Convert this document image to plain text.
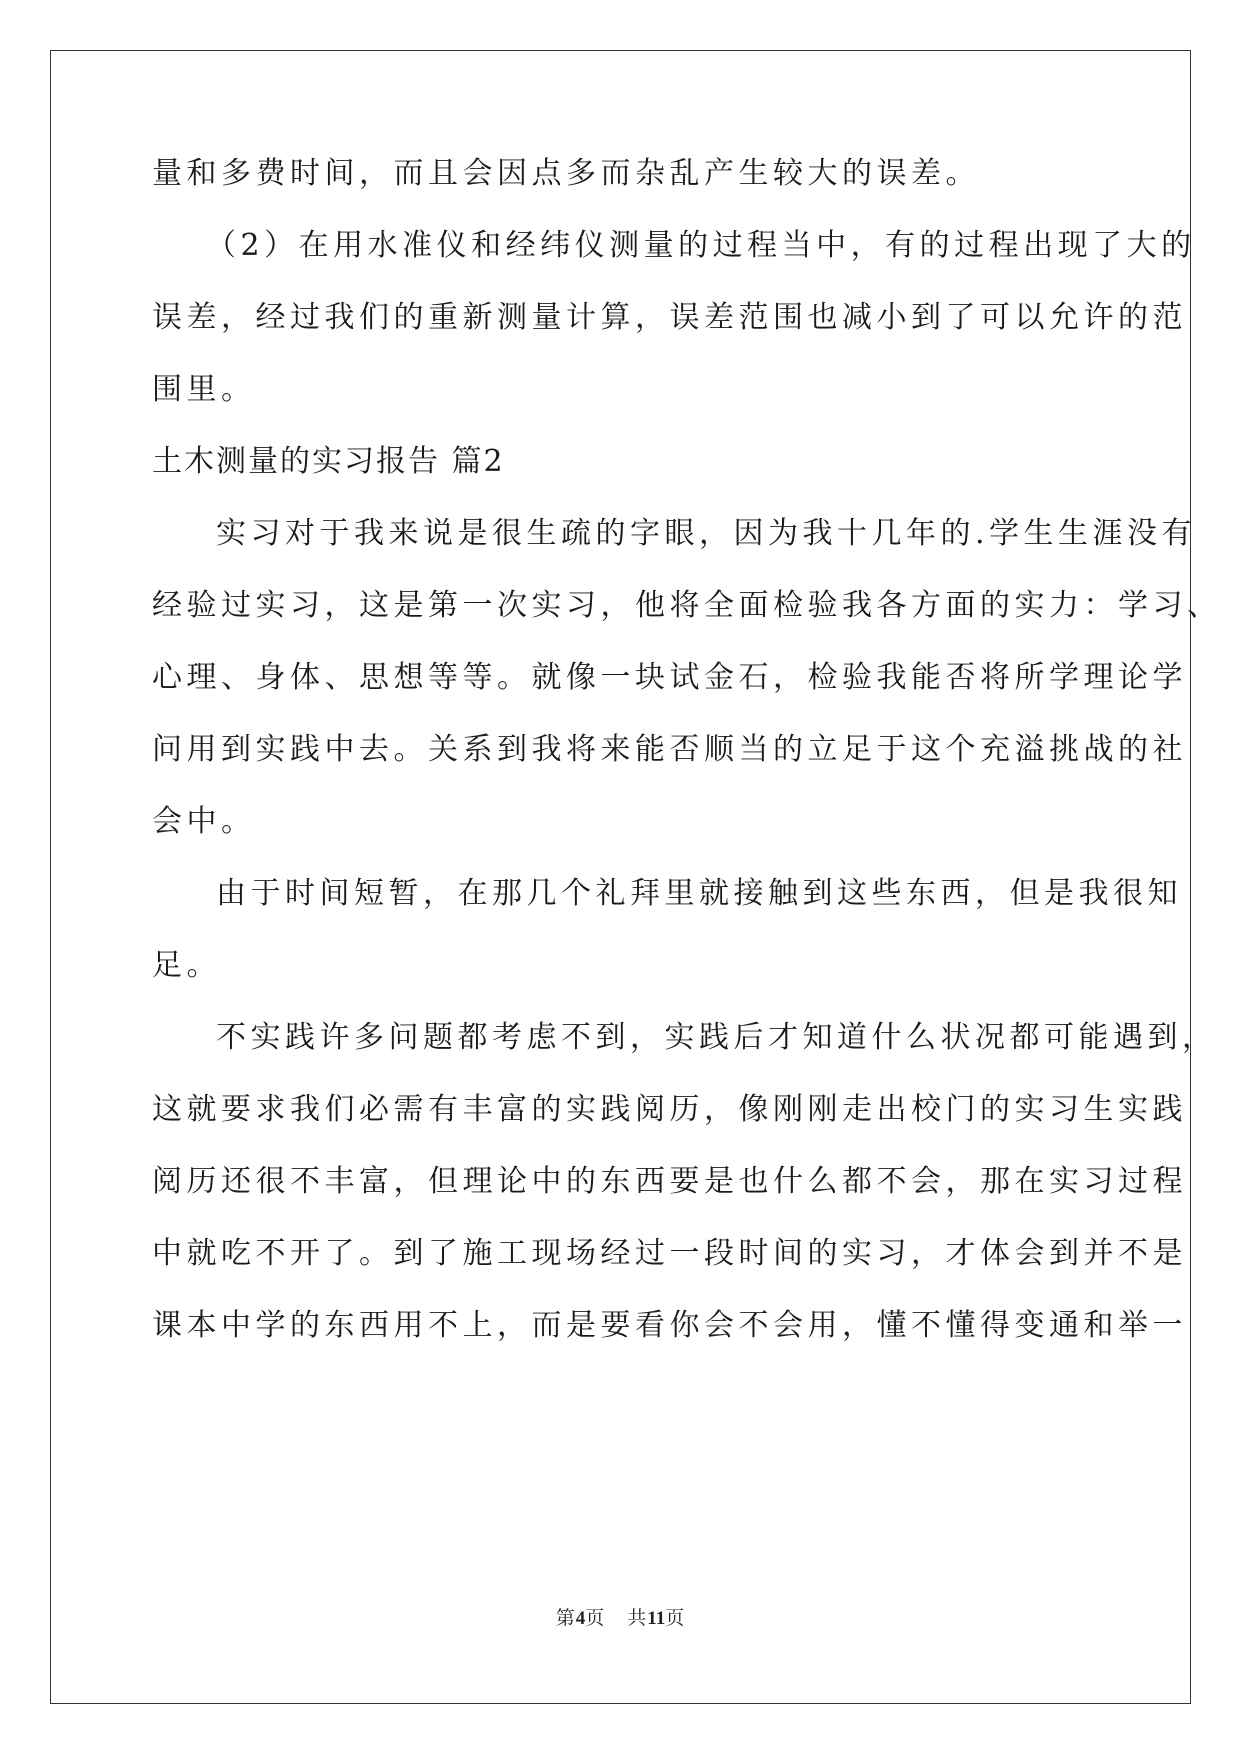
量和多费时间，而且会因点多而杂乱产生较大的误差。
（2）在用水准仪和经纬仪测量的过程当中，有的过程出现了大的
误差，经过我们的重新测量计算，误差范围也减小到了可以允许的范
围里。
土木测量的实习报告 篇2
实习对于我来说是很生疏的字眼，因为我十几年的.学生生涯没有
经验过实习，这是第一次实习，他将全面检验我各方面的实力：学习、
心理、身体、思想等等。就像一块试金石，检验我能否将所学理论学
问用到实践中去。关系到我将来能否顺当的立足于这个充溢挑战的社
会中。
由于时间短暂，在那几个礼拜里就接触到这些东西，但是我很知
足。
不实践许多问题都考虑不到，实践后才知道什么状况都可能遇到，
这就要求我们必需有丰富的实践阅历，像刚刚走出校门的实习生实践
阅历还很不丰富，但理论中的东西要是也什么都不会，那在实习过程
中就吃不开了。到了施工现场经过一段时间的实习，才体会到并不是
课本中学的东西用不上，而是要看你会不会用，懂不懂得变通和举一
第4页 共11页
